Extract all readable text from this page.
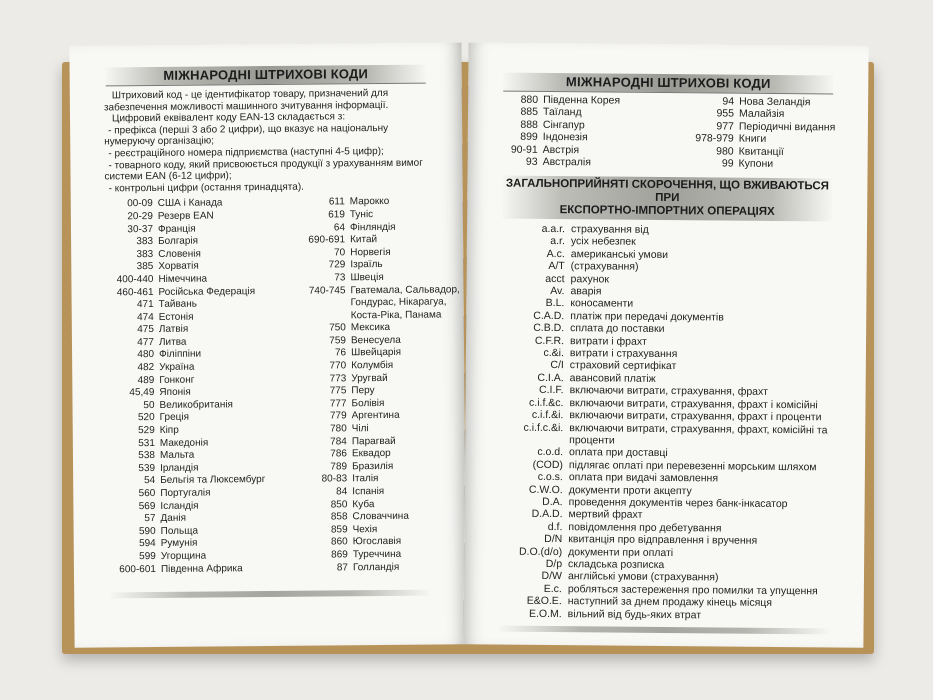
МІЖНАРОДНІ ШТРИХОВІ КОДИ

Штриховий код - це ідентифікатор товару, призначений для забезпечення можливості машинного зчитування інформації.

Цифровий еквівалент коду EAN-13 складається з:

- префікса (перші 3 або 2 цифри), що вказує на національну нумеруючу організацію;

- реєстраційного номера підприємства (наступні 4-5 цифр);

- товарного коду, який присвоюється продукції з урахуванням вимог системи EAN (6-12 цифри);

- контрольні цифри (остання тринадцята).

00-09 США і Канада
20-29 Резерв EAN
30-37 Франція
383 Болгарія
383 Словенія
385 Хорватія
400-440 Німеччина
460-461 Російська Федерація
471 Тайвань
474 Естонія
475 Латвія
477 Литва
480 Філіппіни
482 Україна
489 Гонконг
45,49 Японія
50 Великобританія
520 Греція
529 Кіпр
531 Македонія
538 Мальта
539 Ірландія
54 Бельгія та Люксембург
560 Португалія
569 Ісландія
57 Данія
590 Польща
594 Румунія
599 Угорщина
600-601 Південна Африка
611 Марокко
619 Туніс
64 Фінляндія
690-691 Китай
70 Норвегія
729 Ізраїль
73 Швеція
740-745 Гватемала, Сальвадор,
Гондурас, Нікарагуа,
Коста-Ріка, Панама
750 Мексика
759 Венесуела
76 Швейцарія
770 Колумбія
773 Уругвай
775 Перу
777 Болівія
779 Аргентина
780 Чілі
784 Парагвай
786 Еквадор
789 Бразилія
80-83 Італія
84 Іспанія
850 Куба
858 Словаччина
859 Чехія
860 Югославія
869 Туреччина
87 Голландія
МІЖНАРОДНІ ШТРИХОВІ КОДИ
880 Південна Корея
885 Таїланд
888 Сінгапур
899 Індонезія
90-91 Австрія
93 Австралія
94 Нова Зеландія
955 Малайзія
977 Періодичні видання
978-979 Книги
980 Квитанції
99 Купони
ЗАГАЛЬНОПРИЙНЯТІ СКОРОЧЕННЯ, ЩО ВЖИВАЮТЬСЯ ПРИ
ЕКСПОРТНО-ІМПОРТНИХ ОПЕРАЦІЯХ
a.a.r. страхування від
a.r. усіх небезпек
A.c. американські умови
A/T (страхування)
acct рахунок
Av. аварія
B.L. коносаменти
C.A.D. платіж при передачі документів
C.B.D. сплата до поставки
C.F.R. витрати і фрахт
c.&i. витрати і страхування
C/I страховий сертифікат
C.I.A. авансовий платіж
C.I.F. включаючи витрати, страхування, фрахт
c.i.f.&c. включаючи витрати, страхування, фрахт і комісійні
c.i.f.&i. включаючи витрати, страхування, фрахт і проценти
c.i.f.c.&i. включаючи витрати, страхування, фрахт, комісійні та проценти
c.o.d. оплата при доставці
(COD) підлягає оплаті при перевезенні морським шляхом
c.o.s. оплата при видачі замовлення
C.W.O. документи проти акцепту
D.A. проведення документів через банк-інкасатор
D.A.D. мертвий фрахт
d.f. повідомлення про дебетування
D/N квитанція про відправлення і вручення
D.O.(d/o) документи при оплаті
D/p складська розписка
D/W англійські умови (страхування)
E.c. робляться застереження про помилки та упущення
E&O.E. наступний за днем продажу кінець місяця
E.O.M. вільний від будь-яких втрат
